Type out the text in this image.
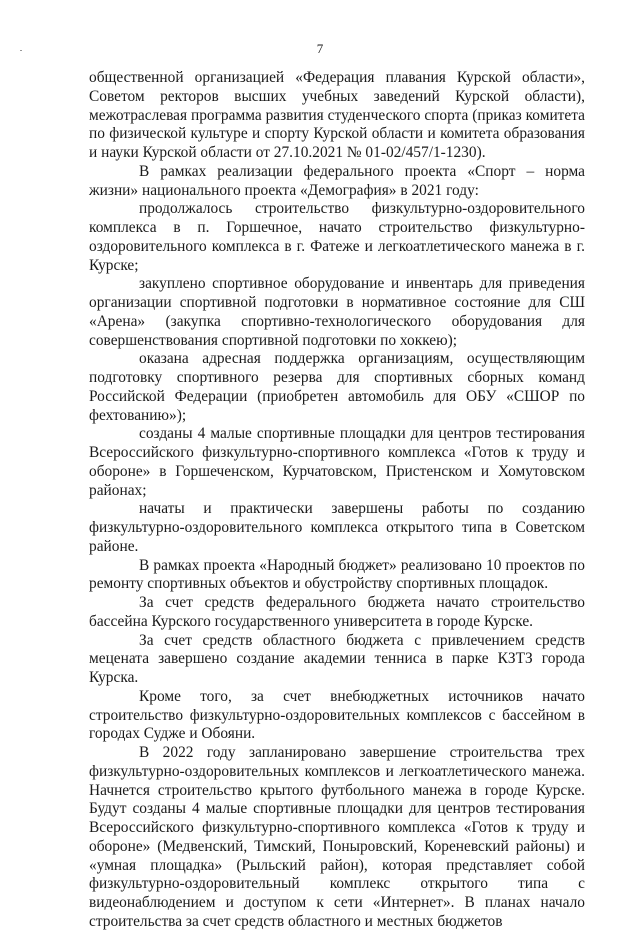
7

общественной организацией «Федерация плавания Курской области», Советом ректоров высших учебных заведений Курской области), межотраслевая программа развития студенческого спорта (приказ комитета по физической культуре и спорту Курской области и комитета образования и науки Курской области от 27.10.2021 № 01-02/457/1-1230).

В рамках реализации федерального проекта «Спорт – норма жизни» национального проекта «Демография» в 2021 году:

продолжалось строительство физкультурно-оздоровительного комплекса в п. Горшечное, начато строительство физкультурно-оздоровительного комплекса в г. Фатеже и легкоатлетического манежа в г. Курске;

закуплено спортивное оборудование и инвентарь для приведения организации спортивной подготовки в нормативное состояние для СШ «Арена» (закупка спортивно-технологического оборудования для совершенствования спортивной подготовки по хоккею);

оказана адресная поддержка организациям, осуществляющим подготовку спортивного резерва для спортивных сборных команд Российской Федерации (приобретен автомобиль для ОБУ «СШОР по фехтованию»);

созданы 4 малые спортивные площадки для центров тестирования Всероссийского физкультурно-спортивного комплекса «Готов к труду и обороне» в Горшеченском, Курчатовском, Пристенском и Хомутовском районах;

начаты и практически завершены работы по созданию физкультурно-оздоровительного комплекса открытого типа в Советском районе.

В рамках проекта «Народный бюджет» реализовано 10 проектов по ремонту спортивных объектов и обустройству спортивных площадок.

За счет средств федерального бюджета начато строительство бассейна Курского государственного университета в городе Курске.

За счет средств областного бюджета с привлечением средств мецената завершено создание академии тенниса в парке КЗТЗ города Курска.

Кроме того, за счет внебюджетных источников начато строительство физкультурно-оздоровительных комплексов с бассейном в городах Судже и Обояни.

В 2022 году запланировано завершение строительства трех физкультурно-оздоровительных комплексов и легкоатлетического манежа. Начнется строительство крытого футбольного манежа в городе Курске. Будут созданы 4 малые спортивные площадки для центров тестирования Всероссийского физкультурно-спортивного комплекса «Готов к труду и обороне» (Медвенский, Тимский, Поныровский, Кореневский районы) и «умная площадка» (Рыльский район), которая представляет собой физкультурно-оздоровительный комплекс открытого типа с видеонаблюдением и доступом к сети «Интернет». В планах начало строительства за счет средств областного и местных бюджетов
